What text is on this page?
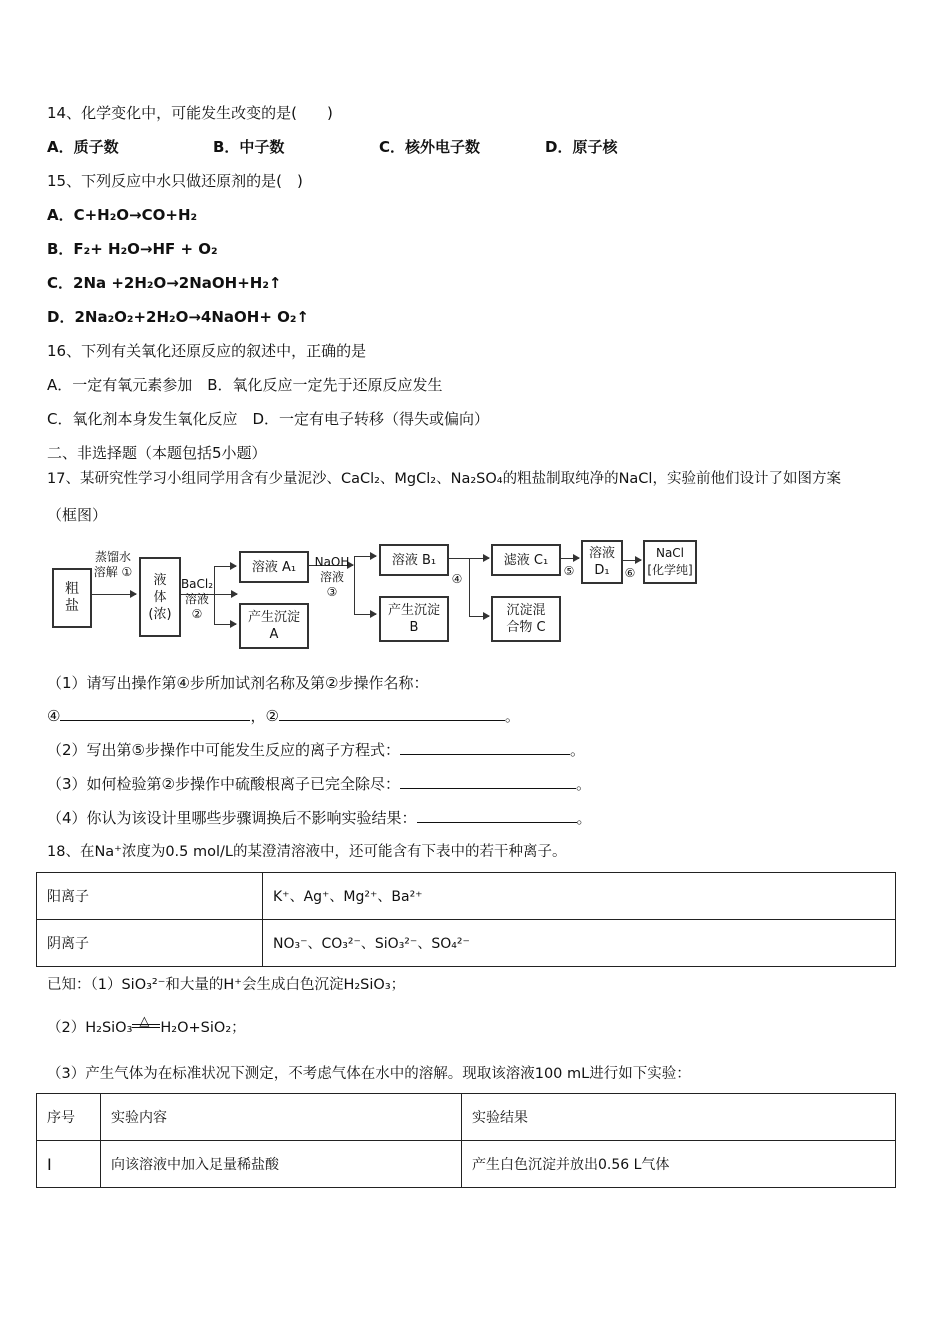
14、化学变化中，可能发生改变的是(　　)
A．质子数	B．中子数	C．核外电子数	D．原子核
15、下列反应中水只做还原剂的是(　)
A．C+H₂O→CO+H₂
B．F₂+ H₂O→HF + O₂
C．2Na +2H₂O→2NaOH+H₂↑
D．2Na₂O₂+2H₂O→4NaOH+ O₂↑
16、下列有关氧化还原反应的叙述中，正确的是
A．一定有氧元素参加　B．氧化反应一定先于还原反应发生
C．氧化剂本身发生氧化反应　D．一定有电子转移（得失或偏向）
二、非选择题（本题包括5小题）
17、某研究性学习小组同学用含有少量泥沙、CaCl₂、MgCl₂、Na₂SO₄的粗盐制取纯净的NaCl，实验前他们设计了如图方案
（框图）
粗
盐
蒸馏水
溶解 ①
液
体
(浓)
BaCl₂
溶液
②
溶液 A₁
产生沉淀
A
NaOH
溶液
③
溶液 B₁
产生沉淀
B
④
滤液 C₁
沉淀混
合物 C
⑤
溶液
D₁	⑥
NaCl
[化学纯]
（1）请写出操作第④步所加试剂名称及第②步操作名称：
④	，②	。
（2）写出第⑤步操作中可能发生反应的离子方程式：	。
（3）如何检验第②步操作中硫酸根离子已完全除尽：	。
（4）你认为该设计里哪些步骤调换后不影响实验结果：	。
18、在Na⁺浓度为0.5 mol/L的某澄清溶液中，还可能含有下表中的若干种离子。
阳离子	K⁺、Ag⁺、Mg²⁺、Ba²⁺
阴离子	NO₃⁻、CO₃²⁻、SiO₃²⁻、SO₄²⁻
已知：（1）SiO₃²⁻和大量的H⁺会生成白色沉淀H₂SiO₃；
（2）H₂SiO₃ △ H₂O+SiO₂；
（3）产生气体为在标准状况下测定，不考虑气体在水中的溶解。现取该溶液100 mL进行如下实验：
序号	实验内容	实验结果
Ⅰ	向该溶液中加入足量稀盐酸	产生白色沉淀并放出0.56 L气体
